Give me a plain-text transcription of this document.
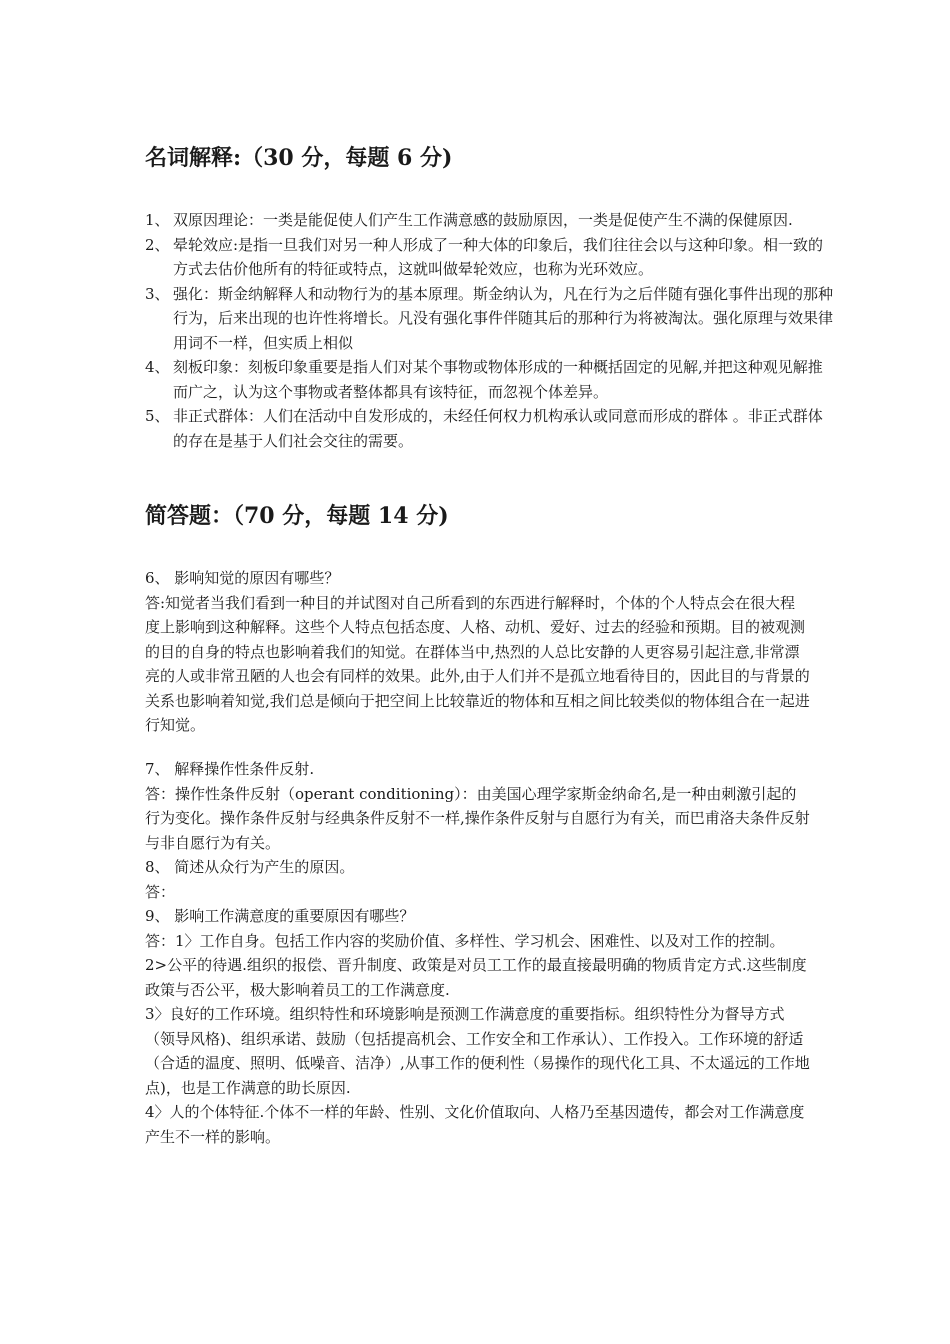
名词解释:（30 分，每题 6 分)
1、 双原因理论：一类是能促使人们产生工作满意感的鼓励原因，一类是促使产生不满的保健原因.
2、 晕轮效应:是指一旦我们对另一种人形成了一种大体的印象后，我们往往会以与这种印象。相一致的方式去估价他所有的特征或特点，这就叫做晕轮效应，也称为光环效应。
3、 强化：斯金纳解释人和动物行为的基本原理。斯金纳认为，凡在行为之后伴随有强化事件出现的那种行为，后来出现的也许性将增长。凡没有强化事件伴随其后的那种行为将被淘汰。强化原理与效果律用词不一样，但实质上相似
4、 刻板印象：刻板印象重要是指人们对某个事物或物体形成的一种概括固定的见解,并把这种观见解推而广之，认为这个事物或者整体都具有该特征，而忽视个体差异。
5、 非正式群体：人们在活动中自发形成的，未经任何权力机构承认或同意而形成的群体 。非正式群体的存在是基于人们社会交往的需要。
简答题：（70 分，每题 14 分)

6、 影响知觉的原因有哪些？

答:知觉者当我们看到一种目的并试图对自己所看到的东西进行解释时，个体的个人特点会在很大程度上影响到这种解释。这些个人特点包括态度、人格、动机、爱好、过去的经验和预期。目的被观测的目的自身的特点也影响着我们的知觉。在群体当中,热烈的人总比安静的人更容易引起注意,非常漂亮的人或非常丑陋的人也会有同样的效果。此外,由于人们并不是孤立地看待目的，因此目的与背景的关系也影响着知觉,我们总是倾向于把空间上比较靠近的物体和互相之间比较类似的物体组合在一起进行知觉。

7、 解释操作性条件反射.

答：操作性条件反射（operant conditioning）：由美国心理学家斯金纳命名,是一种由刺激引起的行为变化。操作条件反射与经典条件反射不一样,操作条件反射与自愿行为有关，而巴甫洛夫条件反射与非自愿行为有关。

8、 简述从众行为产生的原因。

答：

9、 影响工作满意度的重要原因有哪些？

答：1〉工作自身。包括工作内容的奖励价值、多样性、学习机会、困难性、以及对工作的控制。

2>公平的待遇.组织的报偿、晋升制度、政策是对员工工作的最直接最明确的物质肯定方式.这些制度政策与否公平，极大影响着员工的工作满意度.

3〉良好的工作环境。组织特性和环境影响是预测工作满意度的重要指标。组织特性分为督导方式（领导风格)、组织承诺、鼓励（包括提高机会、工作安全和工作承认）、工作投入。工作环境的舒适（合适的温度、照明、低噪音、洁净）,从事工作的便利性（易操作的现代化工具、不太遥远的工作地点)，也是工作满意的助长原因.

4〉人的个体特征.个体不一样的年龄、性别、文化价值取向、人格乃至基因遗传，都会对工作满意度产生不一样的影响。
